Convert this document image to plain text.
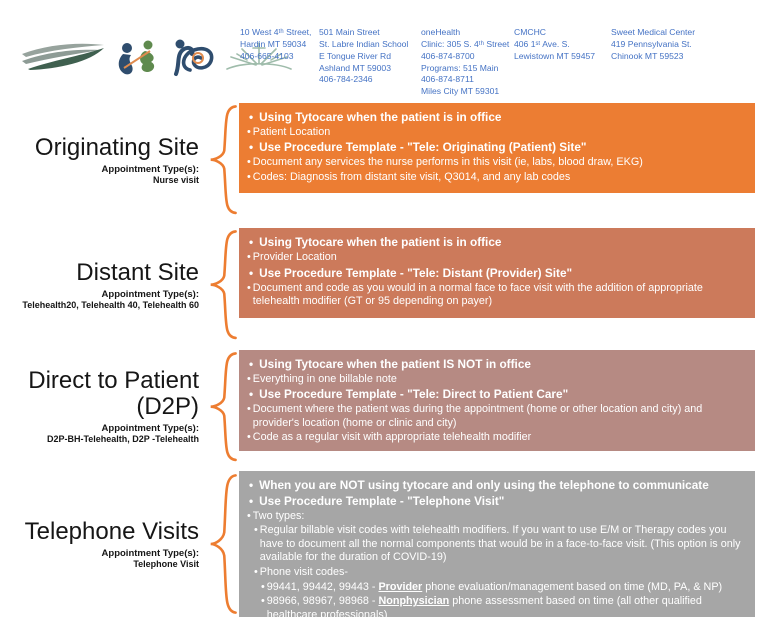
10 West 4ᵗʰ Street,
Hardin MT 59034
406-665-4103
501 Main Street
St. Labre Indian School
E Tongue River Rd
Ashland MT 59003
406-784-2346
oneHealth
Clinic: 305 S. 4ᵗʰ Street
406-874-8700
Programs: 515 Main
406-874-8711
Miles City MT 59301
CMCHC
406 1ˢᵗ Ave. S.
Lewistown MT 59457
Sweet Medical Center
419 Pennsylvania St.
Chinook MT 59523
Originating Site
Appointment Type(s):
Nurse visit
• Using Tytocare when the patient is in office
• Patient Location
• Use Procedure Template - "Tele: Originating (Patient) Site"
• Document any services the nurse performs in this visit (ie, labs, blood draw, EKG)
• Codes: Diagnosis from distant site visit, Q3014, and any lab codes
Distant Site
Appointment Type(s):
Telehealth20, Telehealth 40, Telehealth 60
• Using Tytocare when the patient is in office
• Provider Location
• Use Procedure Template - "Tele: Distant (Provider) Site"
• Document and code as you would in a normal face to face visit with the addition of appropriate telehealth modifier (GT or 95 depending on payer)
Direct to Patient (D2P)
Appointment Type(s):
D2P-BH-Telehealth, D2P -Telehealth
• Using Tytocare when the patient IS NOT in office
• Everything in one billable note
• Use Procedure Template - "Tele: Direct to Patient Care"
• Document where the patient was during the appointment (home or other location and city) and provider's location (home or clinic and city)
• Code as a regular visit with appropriate telehealth modifier
Telephone Visits
Appointment Type(s):
Telephone Visit
• When you are NOT using tytocare and only using the telephone to communicate
• Use Procedure Template - "Telephone Visit"
• Two types:
• Regular billable visit codes with telehealth modifiers. If you want to use E/M or Therapy codes you have to document all the normal components that would be in a face-to-face visit. (This option is only available for the duration of COVID-19)
• Phone visit codes-
• 99441, 99442, 99443 - Provider phone evaluation/management based on time (MD, PA, & NP)
• 98966, 98967, 98968 - Nonphysician phone assessment based on time (all other qualified healthcare professionals)
